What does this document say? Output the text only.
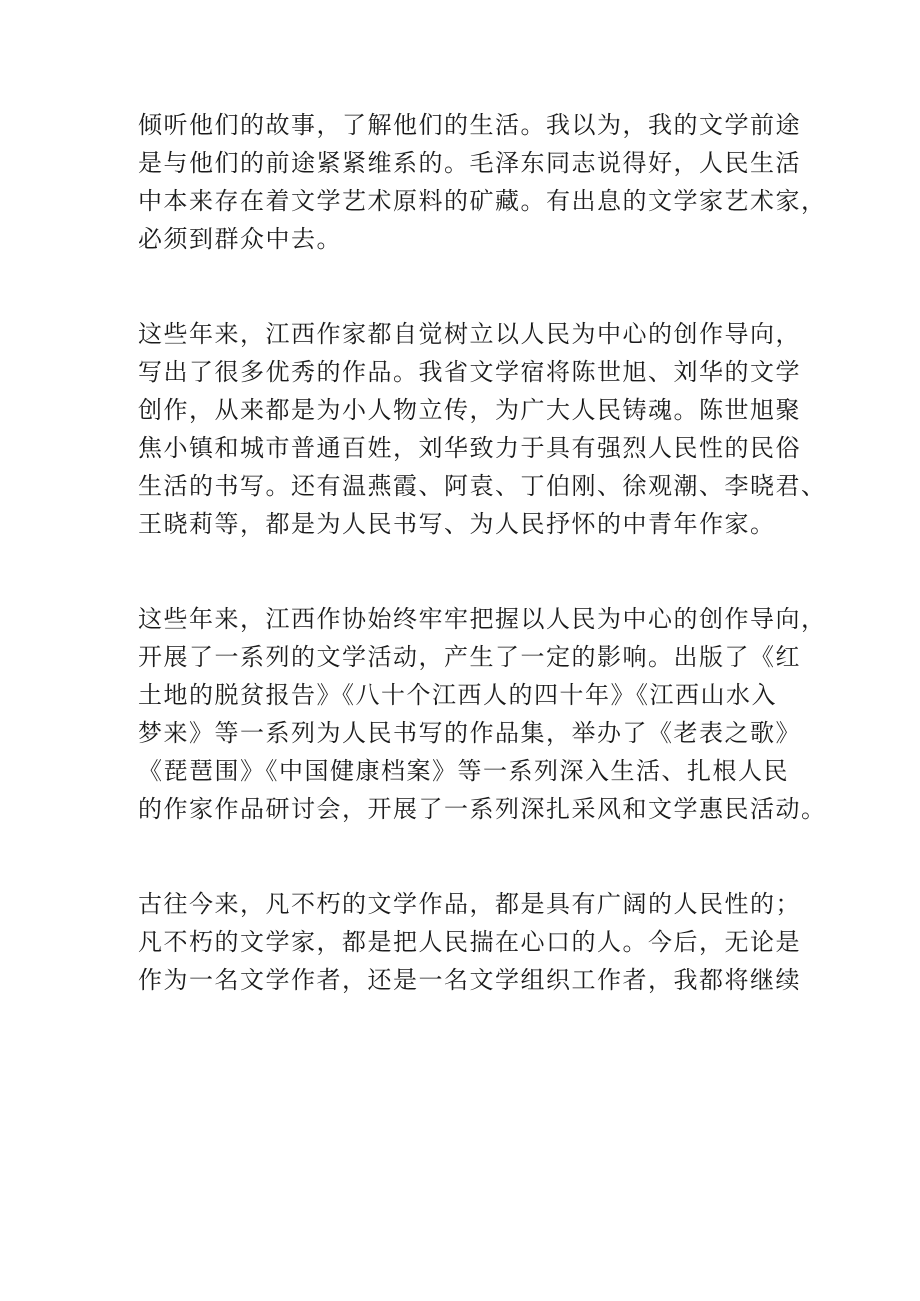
倾听他们的故事，了解他们的生活。我以为，我的文学前途
是与他们的前途紧紧维系的。毛泽东同志说得好，人民生活
中本来存在着文学艺术原料的矿藏。有出息的文学家艺术家，
必须到群众中去。
这些年来，江西作家都自觉树立以人民为中心的创作导向，
写出了很多优秀的作品。我省文学宿将陈世旭、刘华的文学
创作，从来都是为小人物立传，为广大人民铸魂。陈世旭聚
焦小镇和城市普通百姓，刘华致力于具有强烈人民性的民俗
生活的书写。还有温燕霞、阿袁、丁伯刚、徐观潮、李晓君、
王晓莉等，都是为人民书写、为人民抒怀的中青年作家。
这些年来，江西作协始终牢牢把握以人民为中心的创作导向，
开展了一系列的文学活动，产生了一定的影响。出版了《红
土地的脱贫报告》《八十个江西人的四十年》《江西山水入
梦来》等一系列为人民书写的作品集，举办了《老表之歌》
《琵琶围》《中国健康档案》等一系列深入生活、扎根人民
的作家作品研讨会，开展了一系列深扎采风和文学惠民活动。
古往今来，凡不朽的文学作品，都是具有广阔的人民性的；
凡不朽的文学家，都是把人民揣在心口的人。今后，无论是
作为一名文学作者，还是一名文学组织工作者，我都将继续
